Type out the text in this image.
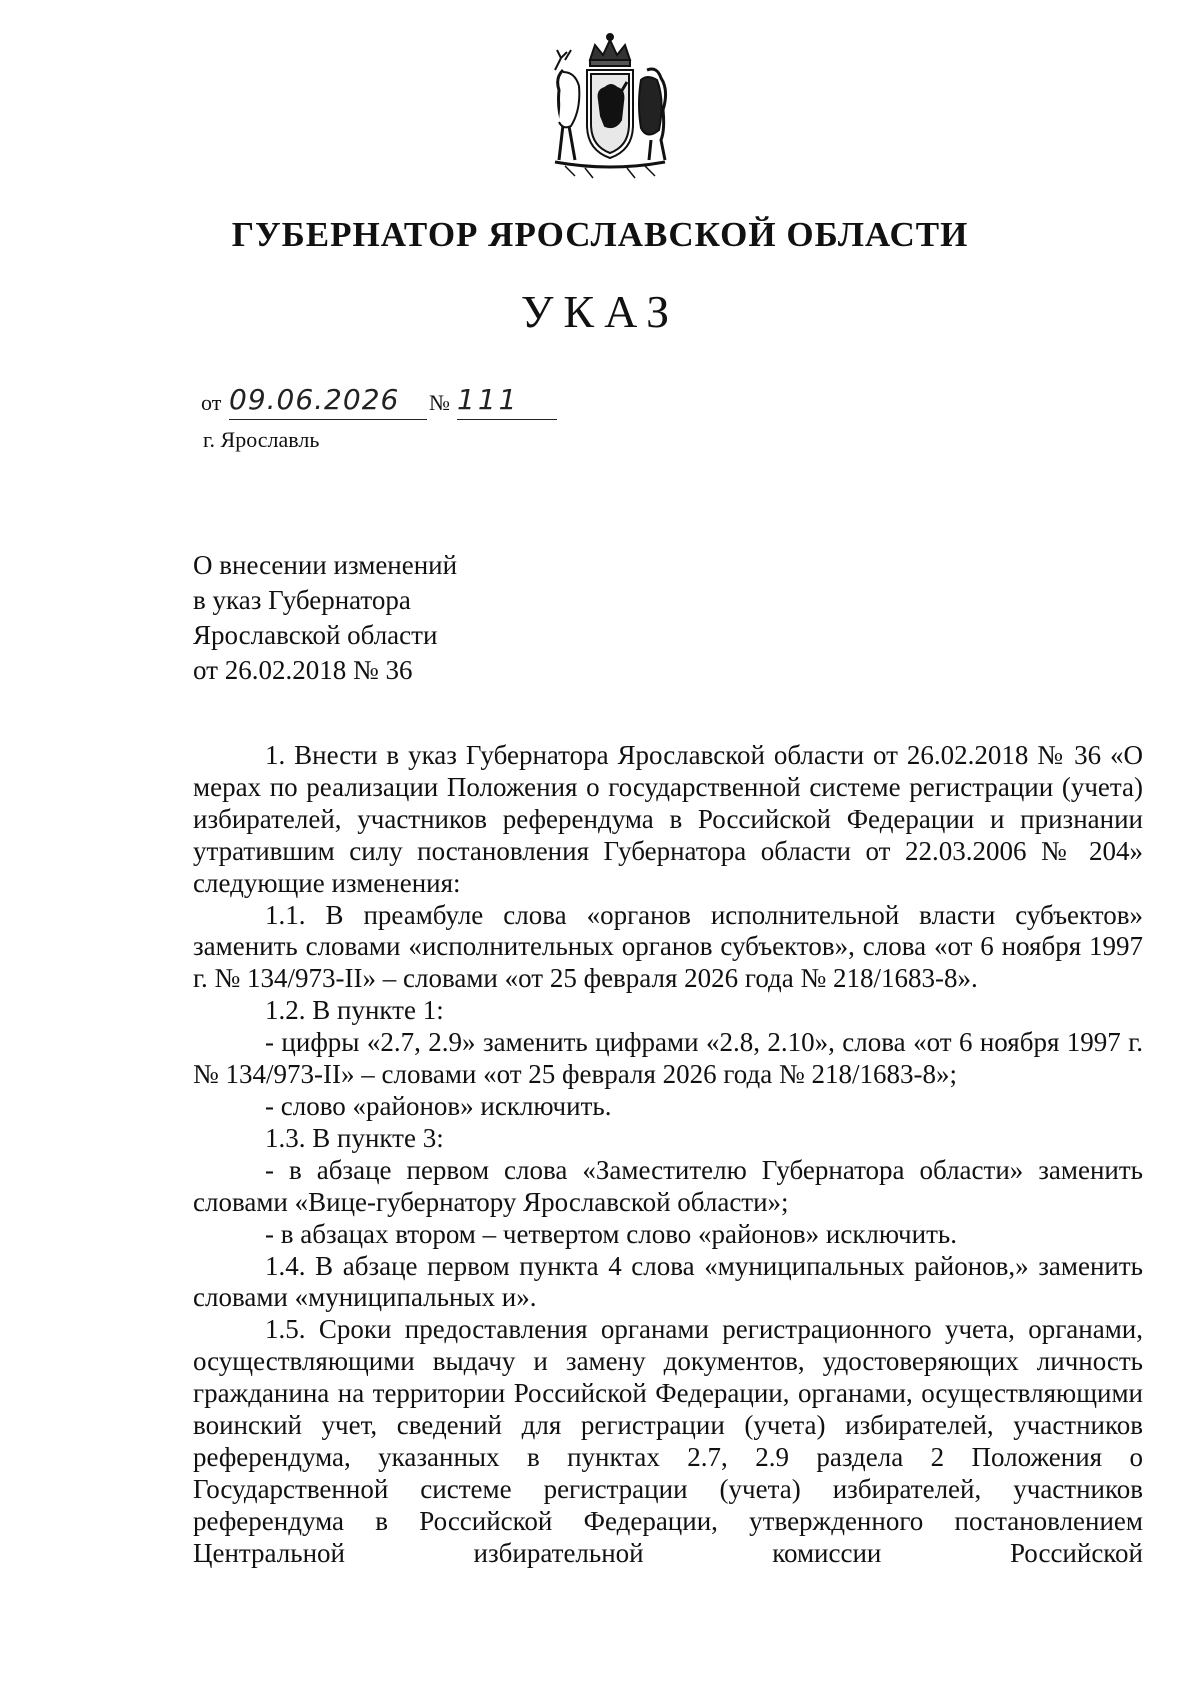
ГУБЕРНАТОР ЯРОСЛАВСКОЙ ОБЛАСТИ
УКАЗ
от 09.06.2026	№ 111
г. Ярославль
О внесении изменений
в указ Губернатора
Ярославской области
от 26.02.2018 № 36

1. Внести в указ Губернатора Ярославской области от 26.02.2018 № 36 «О мерах по реализации Положения о государственной системе регистрации (учета) избирателей, участников референдума в Российской Федерации и признании утратившим силу постановления Губернатора области от 22.03.2006 № 204» следующие изменения:

1.1. В преамбуле слова «органов исполнительной власти субъектов» заменить словами «исполнительных органов субъектов», слова «от 6 ноября 1997 г. № 134/973-II» – словами «от 25 февраля 2026 года № 218/1683-8».

1.2. В пункте 1:

- цифры «2.7, 2.9» заменить цифрами «2.8, 2.10», слова «от 6 ноября 1997 г. № 134/973-II» – словами «от 25 февраля 2026 года № 218/1683-8»;

- слово «районов» исключить.

1.3. В пункте 3:

- в абзаце первом слова «Заместителю Губернатора области» заменить словами «Вице-губернатору Ярославской области»;

- в абзацах втором – четвертом слово «районов» исключить.

1.4. В абзаце первом пункта 4 слова «муниципальных районов,» заменить словами «муниципальных и».

1.5. Сроки предоставления органами регистрационного учета, органами, осуществляющими выдачу и замену документов, удостоверяющих личность гражданина на территории Российской Федерации, органами, осуществляющими воинский учет, сведений для регистрации (учета) избирателей, участников референдума, указанных в пунктах 2.7, 2.9 раздела 2 Положения о Государственной системе регистрации (учета) избирателей, участников референдума в Российской Федерации, утвержденного постановлением Центральной избирательной комиссии Российской
